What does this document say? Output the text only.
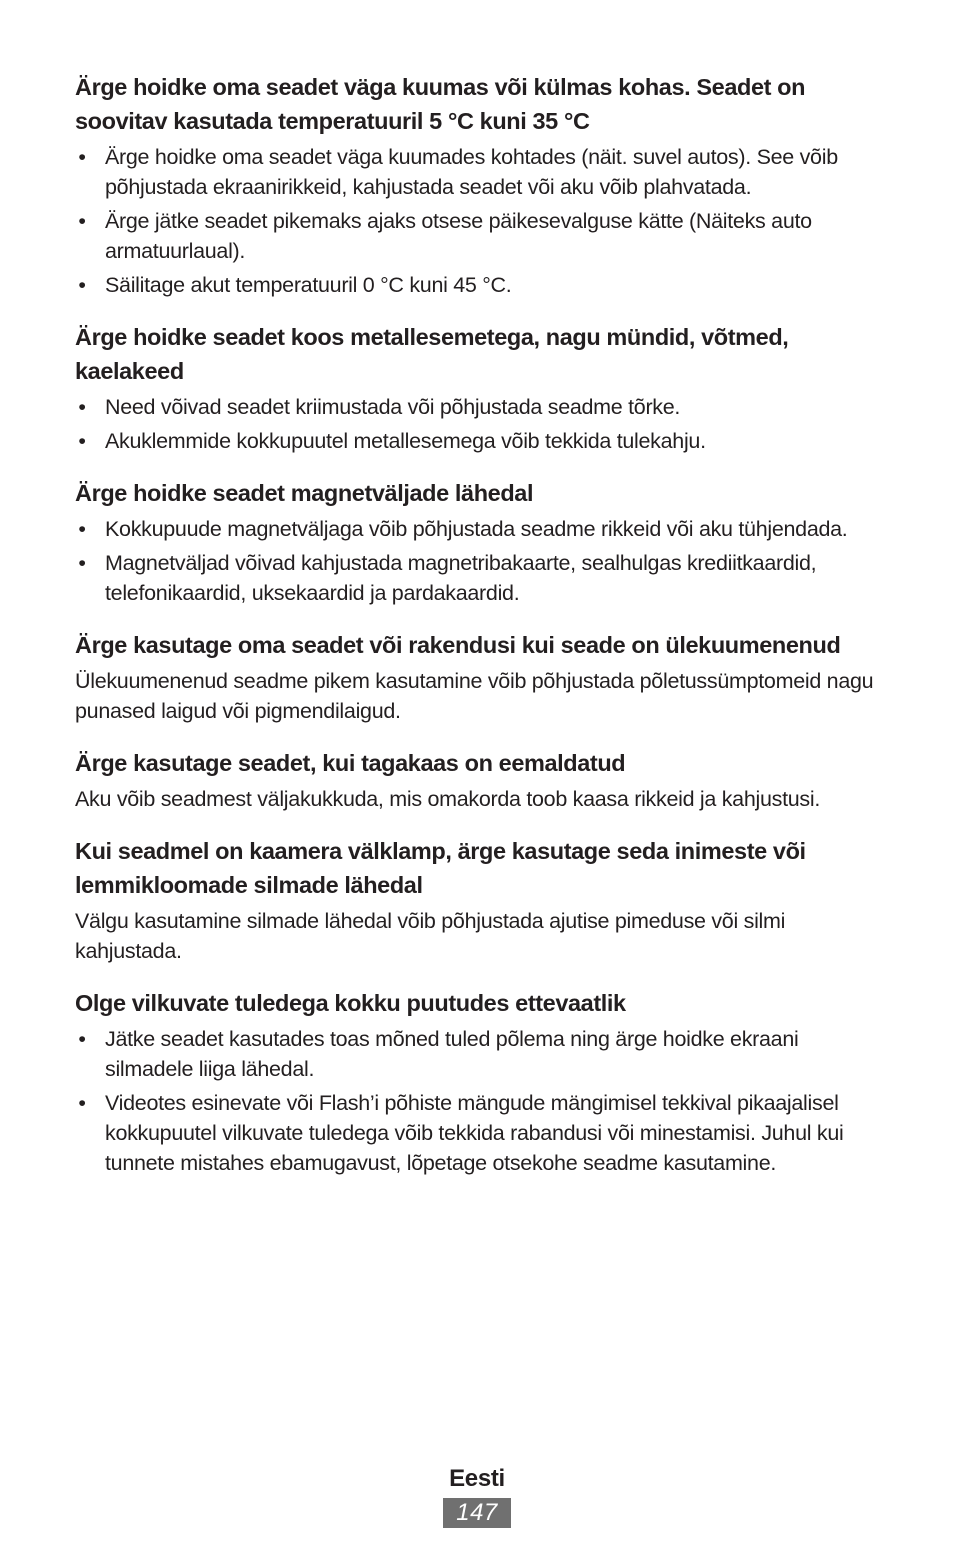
Ärge hoidke oma seadet väga kuumas või külmas kohas. Seadet on soovitav kasutada temperatuuril 5 °C kuni 35 °C
• Ärge hoidke oma seadet väga kuumades kohtades (näit. suvel autos). See võib põhjustada ekraanirikkeid, kahjustada seadet või aku võib plahvatada.
• Ärge jätke seadet pikemaks ajaks otsese päikesevalguse kätte (Näiteks auto armatuurlaual).
• Säilitage akut temperatuuril 0 °C kuni 45 °C.
Ärge hoidke seadet koos metallesemetega, nagu mündid, võtmed, kaelakeed
• Need võivad seadet kriimustada või põhjustada seadme tõrke.
• Akuklemmide kokkupuutel metallesemega võib tekkida tulekahju.
Ärge hoidke seadet magnetväljade lähedal
• Kokkupuude magnetväljaga võib põhjustada seadme rikkeid või aku tühjendada.
• Magnetväljad võivad kahjustada magnetribakaarte, sealhulgas krediitkaardid, telefonikaardid, uksekaardid ja pardakaardid.
Ärge kasutage oma seadet või rakendusi kui seade on ülekuumenenud

Ülekuumenenud seadme pikem kasutamine võib põhjustada põletussümptomeid nagu punased laigud või pigmendilaigud.

Ärge kasutage seadet, kui tagakaas on eemaldatud

Aku võib seadmest väljakukkuda, mis omakorda toob kaasa rikkeid ja kahjustusi.

Kui seadmel on kaamera välklamp, ärge kasutage seda inimeste või lemmikloomade silmade lähedal

Välgu kasutamine silmade lähedal võib põhjustada ajutise pimeduse või silmi kahjustada.

Olge vilkuvate tuledega kokku puutudes ettevaatlik
• Jätke seadet kasutades toas mõned tuled põlema ning ärge hoidke ekraani silmadele liiga lähedal.
• Videotes esinevate või Flash’i põhiste mängude mängimisel tekkival pikaajalisel kokkupuutel vilkuvate tuledega võib tekkida rabandusi või minestamisi. Juhul kui tunnete mistahes ebamugavust, lõpetage otsekohe seadme kasutamine.
Eesti
147
